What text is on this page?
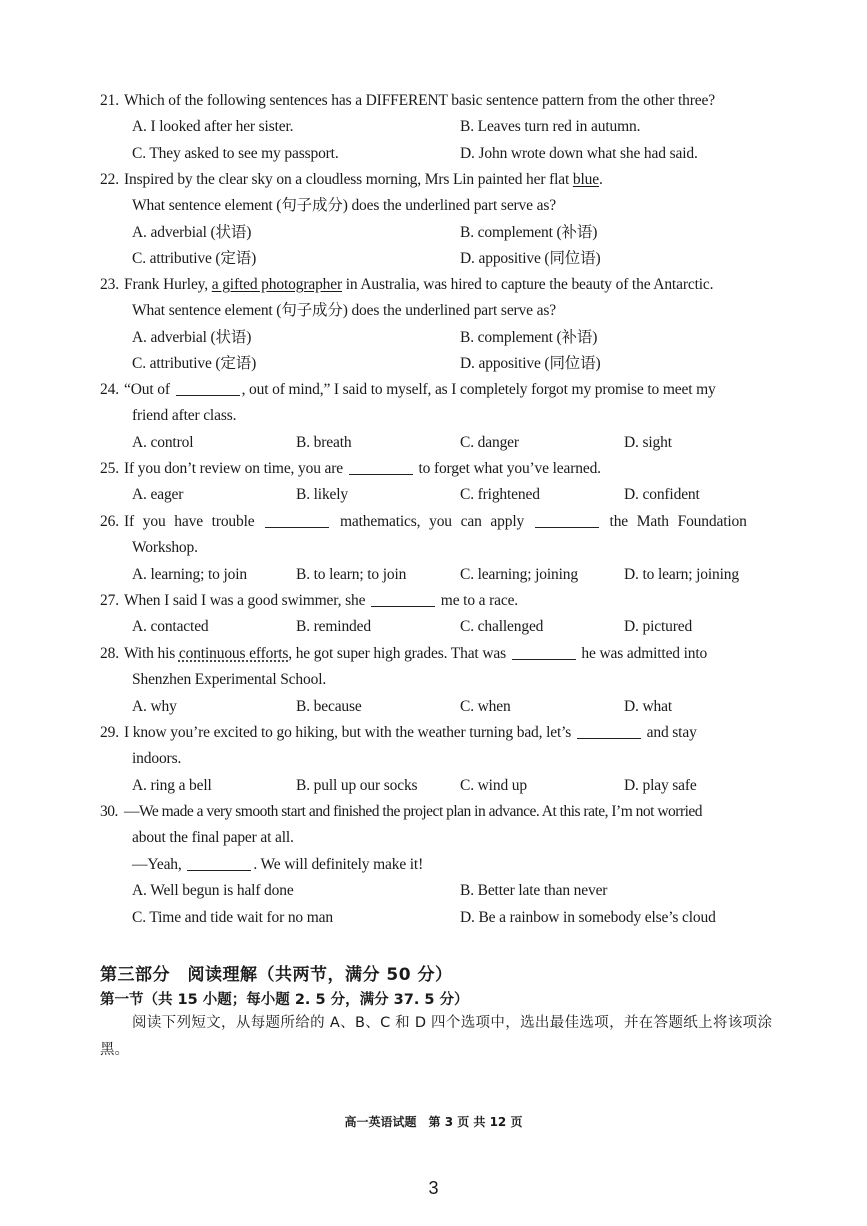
21. Which of the following sentences has a DIFFERENT basic sentence pattern from the other three?
A. I looked after her sister.	B. Leaves turn red in autumn.
C. They asked to see my passport.	D. John wrote down what she had said.
22. Inspired by the clear sky on a cloudless morning, Mrs Lin painted her flat blue.
What sentence element (句子成分) does the underlined part serve as?
A. adverbial (状语)	B. complement (补语)
C. attributive (定语)	D. appositive (同位语)
23. Frank Hurley, a gifted photographer in Australia, was hired to capture the beauty of the Antarctic.
What sentence element (句子成分) does the underlined part serve as?
A. adverbial (状语)	B. complement (补语)
C. attributive (定语)	D. appositive (同位语)
24. “Out of	, out of mind,” I said to myself, as I completely forgot my promise to meet my
friend after class.
A. control	B. breath	C. danger	D. sight
25. If you don’t review on time, you are	to forget what you’ve learned.
A. eager	B. likely	C. frightened	D. confident
26. If you have trouble	mathematics, you can apply	the Math Foundation
Workshop.
A. learning; to join	B. to learn; to join	C. learning; joining	D. to learn; joining
27. When I said I was a good swimmer, she	me to a race.
A. contacted	B. reminded	C. challenged	D. pictured
28. With his continuous efforts, he got super high grades. That was	he was admitted into
Shenzhen Experimental School.
A. why	B. because	C. when	D. what
29. I know you’re excited to go hiking, but with the weather turning bad, let’s	and stay
indoors.
A. ring a bell	B. pull up our socks	C. wind up	D. play safe
30. —We made a very smooth start and finished the project plan in advance. At this rate, I’m not worried
about the final paper at all.
—Yeah,	. We will definitely make it!
A. Well begun is half done	B. Better late than never
C. Time and tide wait for no man	D. Be a rainbow in somebody else’s cloud
第三部分　阅读理解（共两节，满分 50 分）
第一节（共 15 小题；每小题 2. 5 分，满分 37. 5 分）
阅读下列短文，从每题所给的 A、B、C 和 D 四个选项中，选出最佳选项，并在答题纸上将该项涂黑。
高一英语试题　第 3 页 共 12 页
3
